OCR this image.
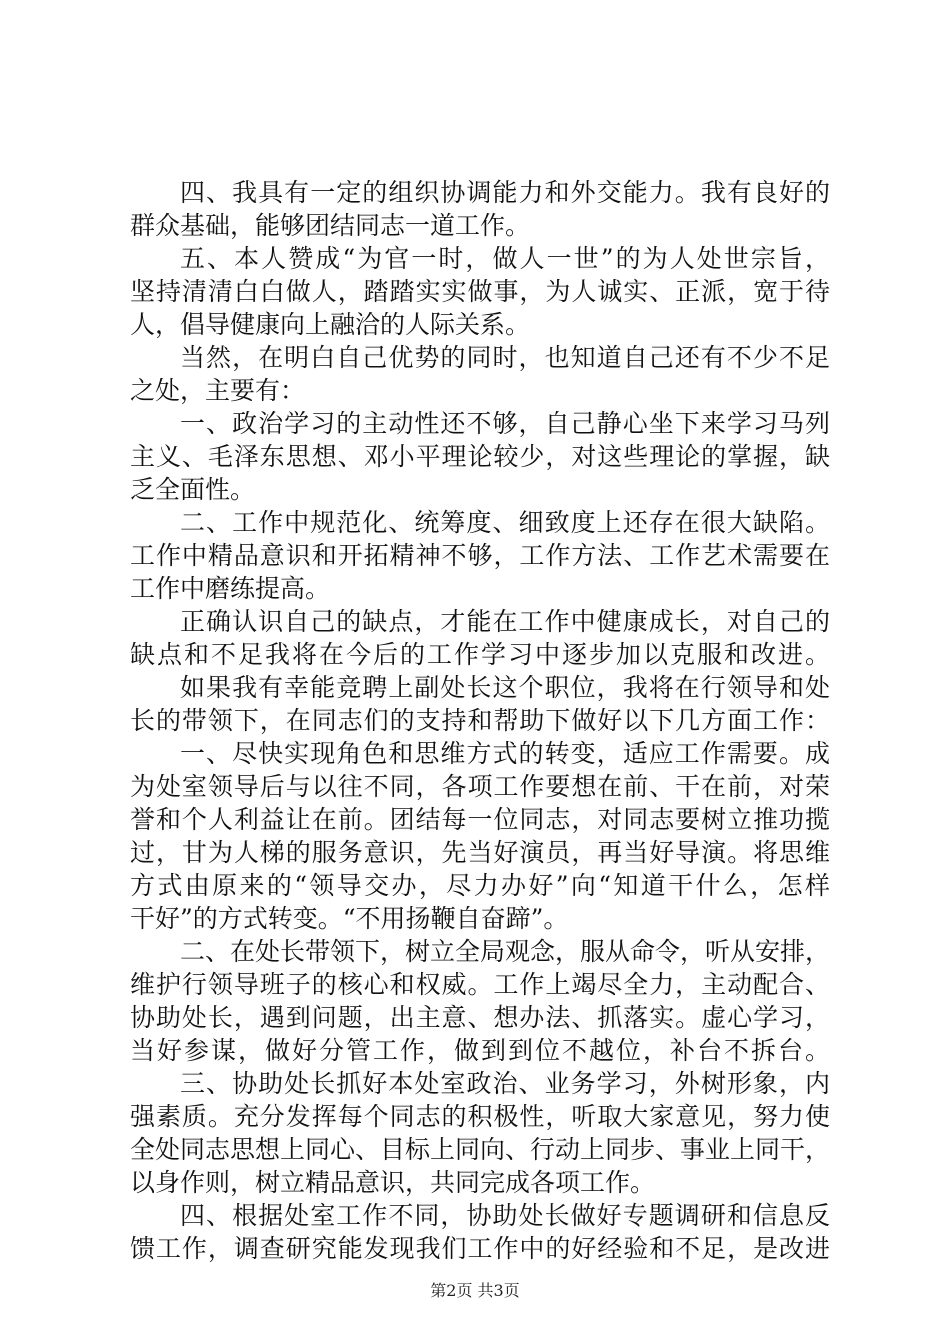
四、我具有一定的组织协调能力和外交能力。我有良好的
群众基础，能够团结同志一道工作。
五、本人赞成“为官一时，做人一世”的为人处世宗旨，
坚持清清白白做人，踏踏实实做事，为人诚实、正派，宽于待
人，倡导健康向上融洽的人际关系。
当然，在明白自己优势的同时，也知道自己还有不少不足
之处，主要有：
一、政治学习的主动性还不够，自己静心坐下来学习马列
主义、毛泽东思想、邓小平理论较少，对这些理论的掌握，缺
乏全面性。
二、工作中规范化、统筹度、细致度上还存在很大缺陷。
工作中精品意识和开拓精神不够，工作方法、工作艺术需要在
工作中磨练提高。
正确认识自己的缺点，才能在工作中健康成长，对自己的
缺点和不足我将在今后的工作学习中逐步加以克服和改进。
如果我有幸能竞聘上副处长这个职位，我将在行领导和处
长的带领下，在同志们的支持和帮助下做好以下几方面工作：
一、尽快实现角色和思维方式的转变，适应工作需要。成
为处室领导后与以往不同，各项工作要想在前、干在前，对荣
誉和个人利益让在前。团结每一位同志，对同志要树立推功揽
过，甘为人梯的服务意识，先当好演员，再当好导演。将思维
方式由原来的“领导交办，尽力办好”向“知道干什么，怎样
干好”的方式转变。“不用扬鞭自奋蹄”。
二、在处长带领下，树立全局观念，服从命令，听从安排，
维护行领导班子的核心和权威。工作上竭尽全力，主动配合、
协助处长，遇到问题，出主意、想办法、抓落实。虚心学习，
当好参谋，做好分管工作，做到到位不越位，补台不拆台。
三、协助处长抓好本处室政治、业务学习，外树形象，内
强素质。充分发挥每个同志的积极性，听取大家意见，努力使
全处同志思想上同心、目标上同向、行动上同步、事业上同干，
以身作则，树立精品意识，共同完成各项工作。
四、根据处室工作不同，协助处长做好专题调研和信息反
馈工作，调查研究能发现我们工作中的好经验和不足，是改进
第2页 共3页
